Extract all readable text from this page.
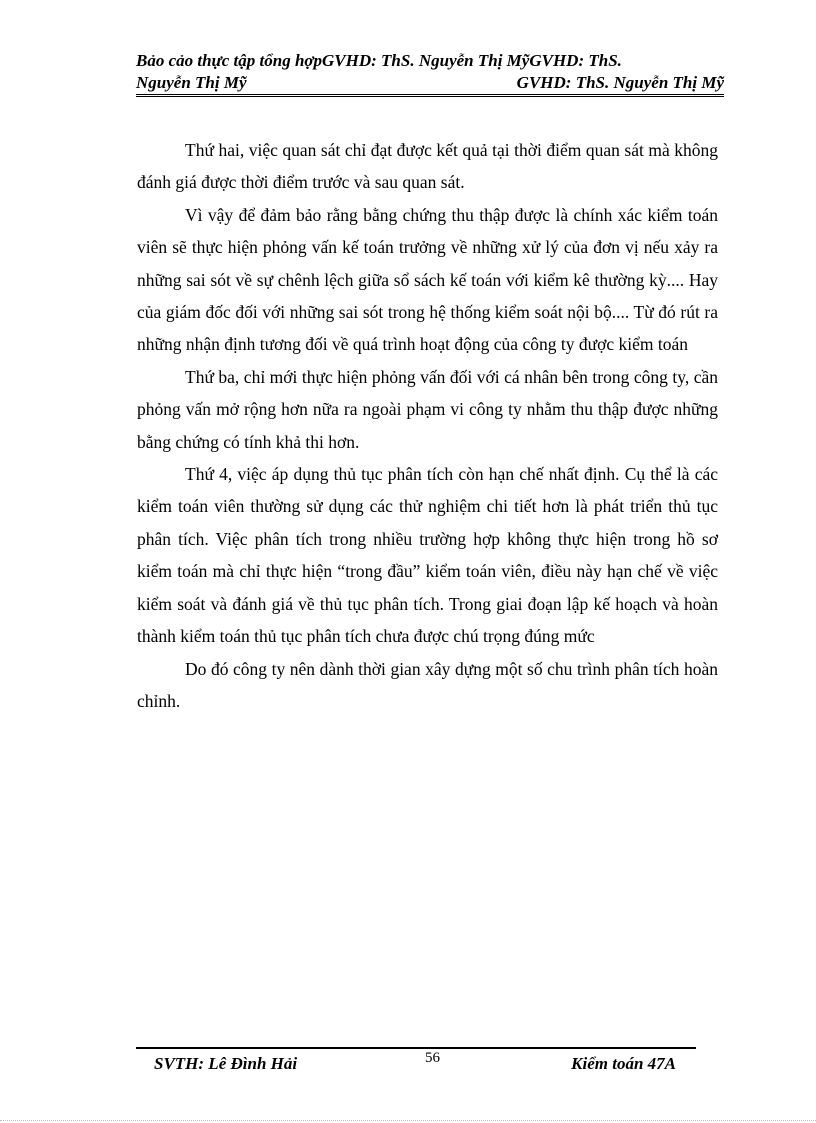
Bảo cảo thực tập tổng hợpGVHD: ThS. Nguyễn Thị MỹGVHD: ThS.
Nguyễn Thị Mỹ	GVHD: ThS. Nguyễn Thị Mỹ

Thứ hai, việc quan sát chỉ đạt được kết quả tại thời điểm quan sát mà không đánh giá được thời điểm trước và sau quan sát.

Vì vậy để đảm bảo rằng bằng chứng thu thập được là chính xác kiểm toán viên sẽ thực hiện phỏng vấn kế toán trưởng về những xử lý của đơn vị nếu xảy ra những sai sót về sự chênh lệch giữa sổ sách kế toán với kiểm kê thường kỳ.... Hay của giám đốc đối với những sai sót trong hệ thống kiểm soát nội bộ.... Từ đó rút ra những nhận định tương đối về quá trình hoạt động của công ty được kiểm toán

Thứ ba, chỉ mới thực hiện phỏng vấn đối với cá nhân bên trong công ty, cần phỏng vấn mở rộng hơn nữa ra ngoài phạm vi công ty nhằm thu thập được những bằng chứng có tính khả thi hơn.

Thứ 4, việc áp dụng thủ tục phân tích còn hạn chế nhất định. Cụ thể là các kiểm toán viên thường sử dụng các thử nghiệm chi tiết hơn là phát triển thủ tục phân tích. Việc phân tích trong nhiều trường hợp không thực hiện trong hồ sơ kiểm toán mà chỉ thực hiện “trong đầu” kiểm toán viên, điều này hạn chế về việc kiểm soát và đánh giá về thủ tục phân tích. Trong giai đoạn lập kế hoạch và hoàn thành kiểm toán thủ tục phân tích chưa được chú trọng đúng mức

Do đó công ty nên dành thời gian xây dựng một số chu trình phân tích hoàn chỉnh.

SVTH: Lê Đình Hải	56	Kiểm toán 47A
